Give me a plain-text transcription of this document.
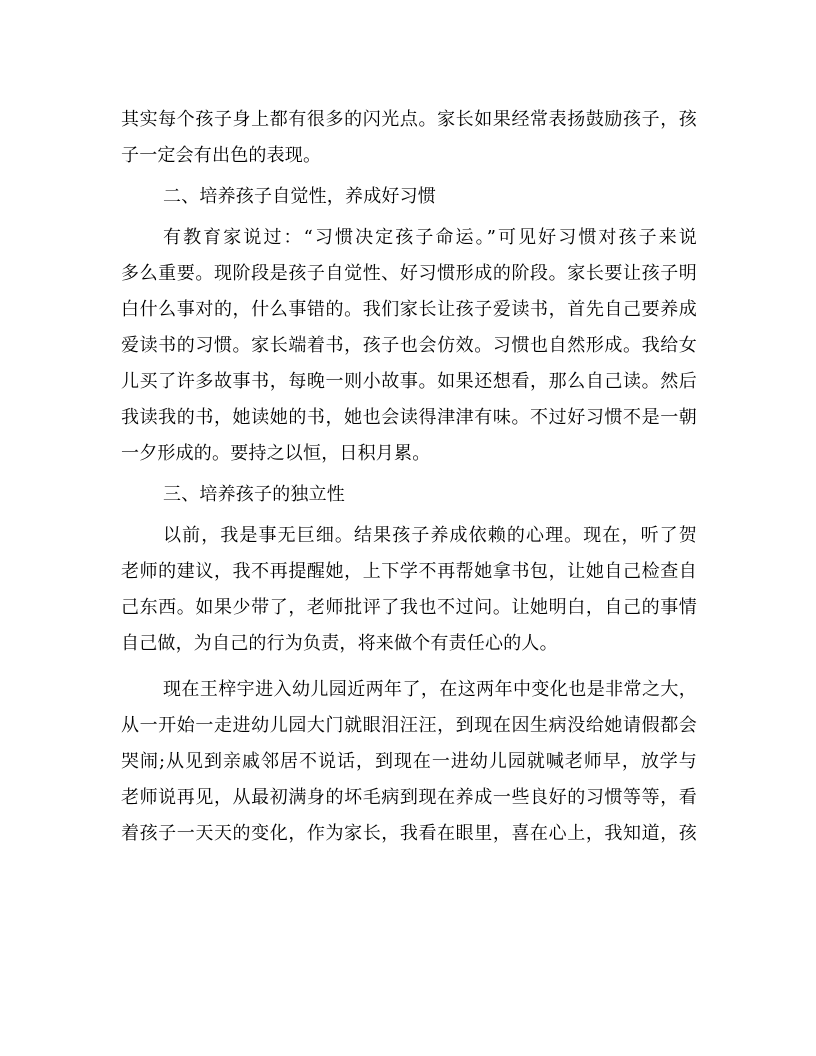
其实每个孩子身上都有很多的闪光点。家长如果经常表扬鼓励孩子，孩
子一定会有出色的表现。
二、培养孩子自觉性，养成好习惯
有教育家说过：“习惯决定孩子命运。”可见好习惯对孩子来说
多么重要。现阶段是孩子自觉性、好习惯形成的阶段。家长要让孩子明
白什么事对的，什么事错的。我们家长让孩子爱读书，首先自己要养成
爱读书的习惯。家长端着书，孩子也会仿效。习惯也自然形成。我给女
儿买了许多故事书，每晚一则小故事。如果还想看，那么自己读。然后
我读我的书，她读她的书，她也会读得津津有味。不过好习惯不是一朝
一夕形成的。要持之以恒，日积月累。
三、培养孩子的独立性
以前，我是事无巨细。结果孩子养成依赖的心理。现在，听了贺
老师的建议，我不再提醒她，上下学不再帮她拿书包，让她自己检查自
己东西。如果少带了，老师批评了我也不过问。让她明白，自己的事情
自己做，为自己的行为负责，将来做个有责任心的人。
现在王梓宇进入幼儿园近两年了，在这两年中变化也是非常之大，
从一开始一走进幼儿园大门就眼泪汪汪，到现在因生病没给她请假都会
哭闹;从见到亲戚邻居不说话，到现在一进幼儿园就喊老师早，放学与
老师说再见，从最初满身的坏毛病到现在养成一些良好的习惯等等，看
着孩子一天天的变化，作为家长，我看在眼里，喜在心上，我知道，孩
